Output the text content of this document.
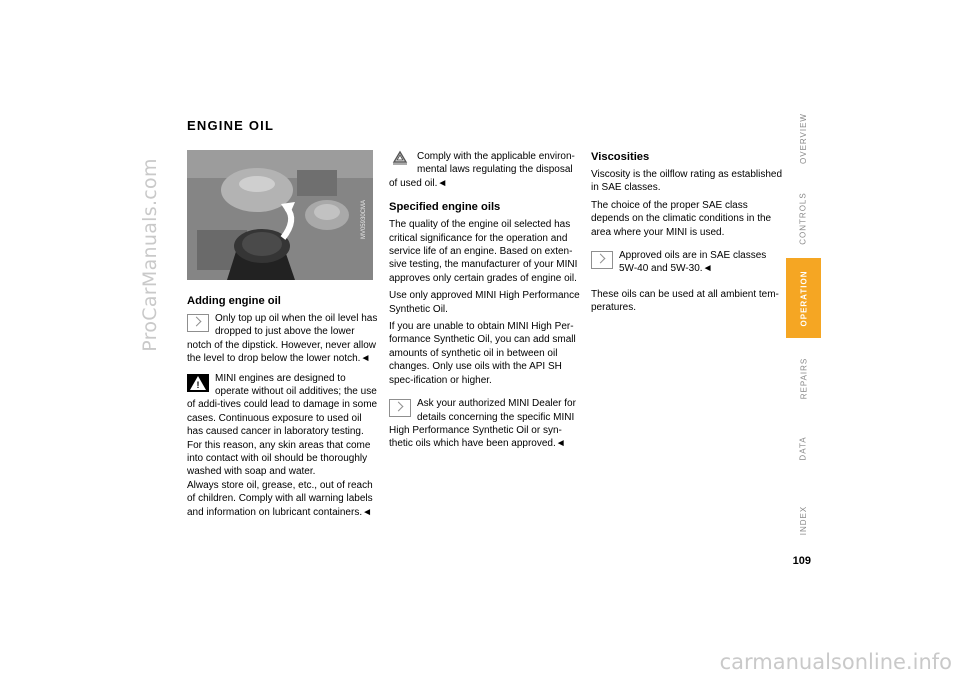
ProCarManuals.com
carmanualsonline.info
ENGINE OIL
MV05930CMA
Adding engine oil
Only top up oil when the oil level has dropped to just above the lower notch of the dipstick. However, never allow the level to drop below the lower notch.◄
!
MINI engines are designed to operate without oil additives; the use of addi-tives could lead to damage in some cases. Continuous exposure to used oil has caused cancer in laboratory testing.
For this reason, any skin areas that come into contact with oil should be thoroughly washed with soap and water.
Always store oil, grease, etc., out of reach of children. Comply with all warning labels and information on lubricant containers.◄
Comply with the applicable environ-mental laws regulating the disposal of used oil.◄
Specified engine oils

The quality of the engine oil selected has critical significance for the operation and service life of an engine. Based on exten-sive testing, the manufacturer of your MINI approves only certain grades of engine oil.

Use only approved MINI High Performance Synthetic Oil.

If you are unable to obtain MINI High Per-formance Synthetic Oil, you can add small amounts of synthetic oil in between oil changes. Only use oils with the API SH spec-ification or higher.

Ask your authorized MINI Dealer for details concerning the specific MINI High Performance Synthetic Oil or syn-thetic oils which have been approved.◄
Viscosities

Viscosity is the oilflow rating as established in SAE classes.

The choice of the proper SAE class depends on the climatic conditions in the area where your MINI is used.

Approved oils are in SAE classes 5W-40 and 5W-30.◄

These oils can be used at all ambient tem-peratures.

OVERVIEW
CONTROLS
OPERATION
REPAIRS
DATA
INDEX
109
